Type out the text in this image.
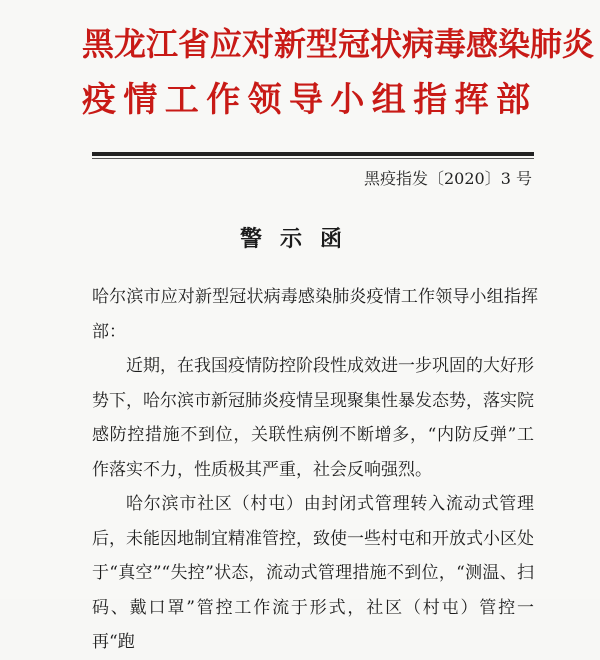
黑龙江省应对新型冠状病毒感染肺炎
疫情工作领导小组指挥部
黑疫指发〔2020〕3 号
警示函
哈尔滨市应对新型冠状病毒感染肺炎疫情工作领导小组指挥部：
近期，在我国疫情防控阶段性成效进一步巩固的大好形势下，哈尔滨市新冠肺炎疫情呈现聚集性暴发态势，落实院感防控措施不到位，关联性病例不断增多，“内防反弹”工作落实不力，性质极其严重，社会反响强烈。
哈尔滨市社区（村屯）由封闭式管理转入流动式管理后，未能因地制宜精准管控，致使一些村屯和开放式小区处于“真空”“失控”状态，流动式管理措施不到位，“测温、扫码、戴口罩”管控工作流于形式，社区（村屯）管控一再“跑
